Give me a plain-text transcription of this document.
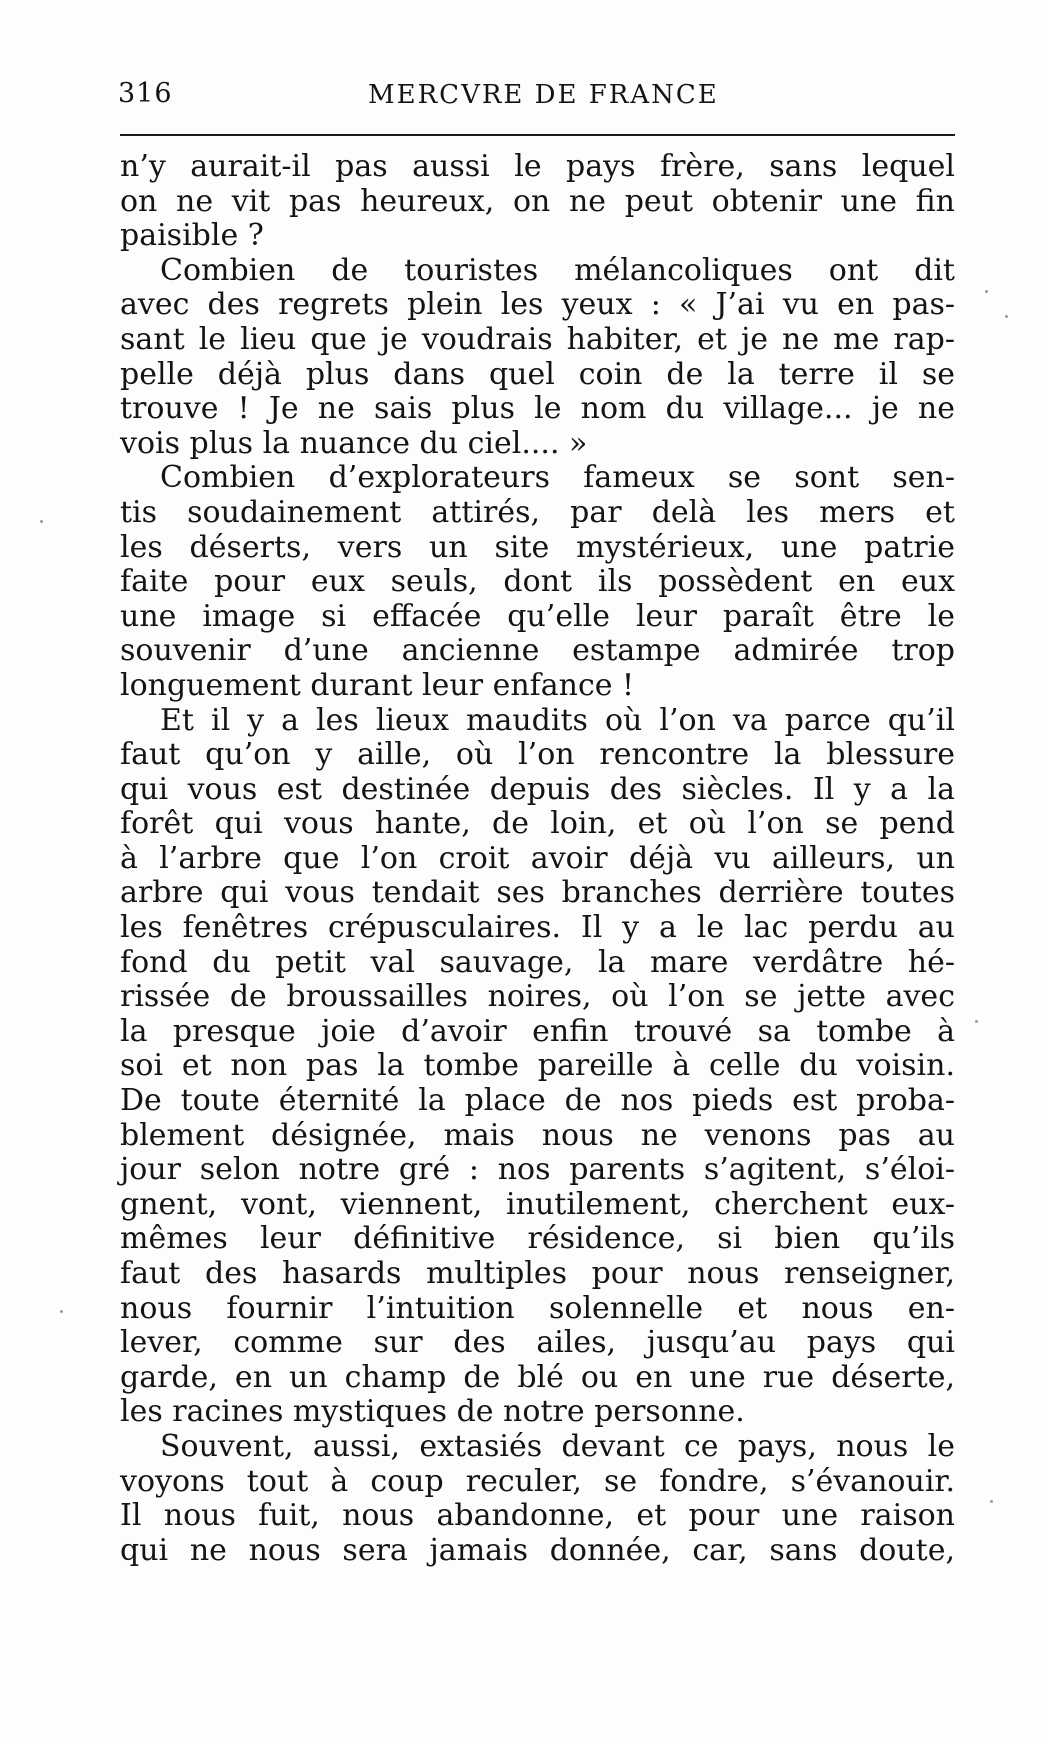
316	MERCVRE DE FRANCE
n’y aurait-il pas aussi le pays frère, sans lequel
on ne vit pas heureux, on ne peut obtenir une fin
paisible ?
Combien de touristes mélancoliques ont dit
avec des regrets plein les yeux : « J’ai vu en pas-
sant le lieu que je voudrais habiter, et je ne me rap-
pelle déjà plus dans quel coin de la terre il se
trouve ! Je ne sais plus le nom du village... je ne
vois plus la nuance du ciel.... »
Combien d’explorateurs fameux se sont sen-
tis soudainement attirés, par delà les mers et
les déserts, vers un site mystérieux, une patrie
faite pour eux seuls, dont ils possèdent en eux
une image si effacée qu’elle leur paraît être le
souvenir d’une ancienne estampe admirée trop
longuement durant leur enfance !
Et il y a les lieux maudits où l’on va parce qu’il
faut qu’on y aille, où l’on rencontre la blessure
qui vous est destinée depuis des siècles. Il y a la
forêt qui vous hante, de loin, et où l’on se pend
à l’arbre que l’on croit avoir déjà vu ailleurs, un
arbre qui vous tendait ses branches derrière toutes
les fenêtres crépusculaires. Il y a le lac perdu au
fond du petit val sauvage, la mare verdâtre hé-
rissée de broussailles noires, où l’on se jette avec
la presque joie d’avoir enfin trouvé sa tombe à
soi et non pas la tombe pareille à celle du voisin.
De toute éternité la place de nos pieds est proba-
blement désignée, mais nous ne venons pas au
jour selon notre gré : nos parents s’agitent, s’éloi-
gnent, vont, viennent, inutilement, cherchent eux-
mêmes leur définitive résidence, si bien qu’ils
faut des hasards multiples pour nous renseigner,
nous fournir l’intuition solennelle et nous en-
lever, comme sur des ailes, jusqu’au pays qui
garde, en un champ de blé ou en une rue déserte,
les racines mystiques de notre personne.
Souvent, aussi, extasiés devant ce pays, nous le
voyons tout à coup reculer, se fondre, s’évanouir.
Il nous fuit, nous abandonne, et pour une raison
qui ne nous sera jamais donnée, car, sans doute,
